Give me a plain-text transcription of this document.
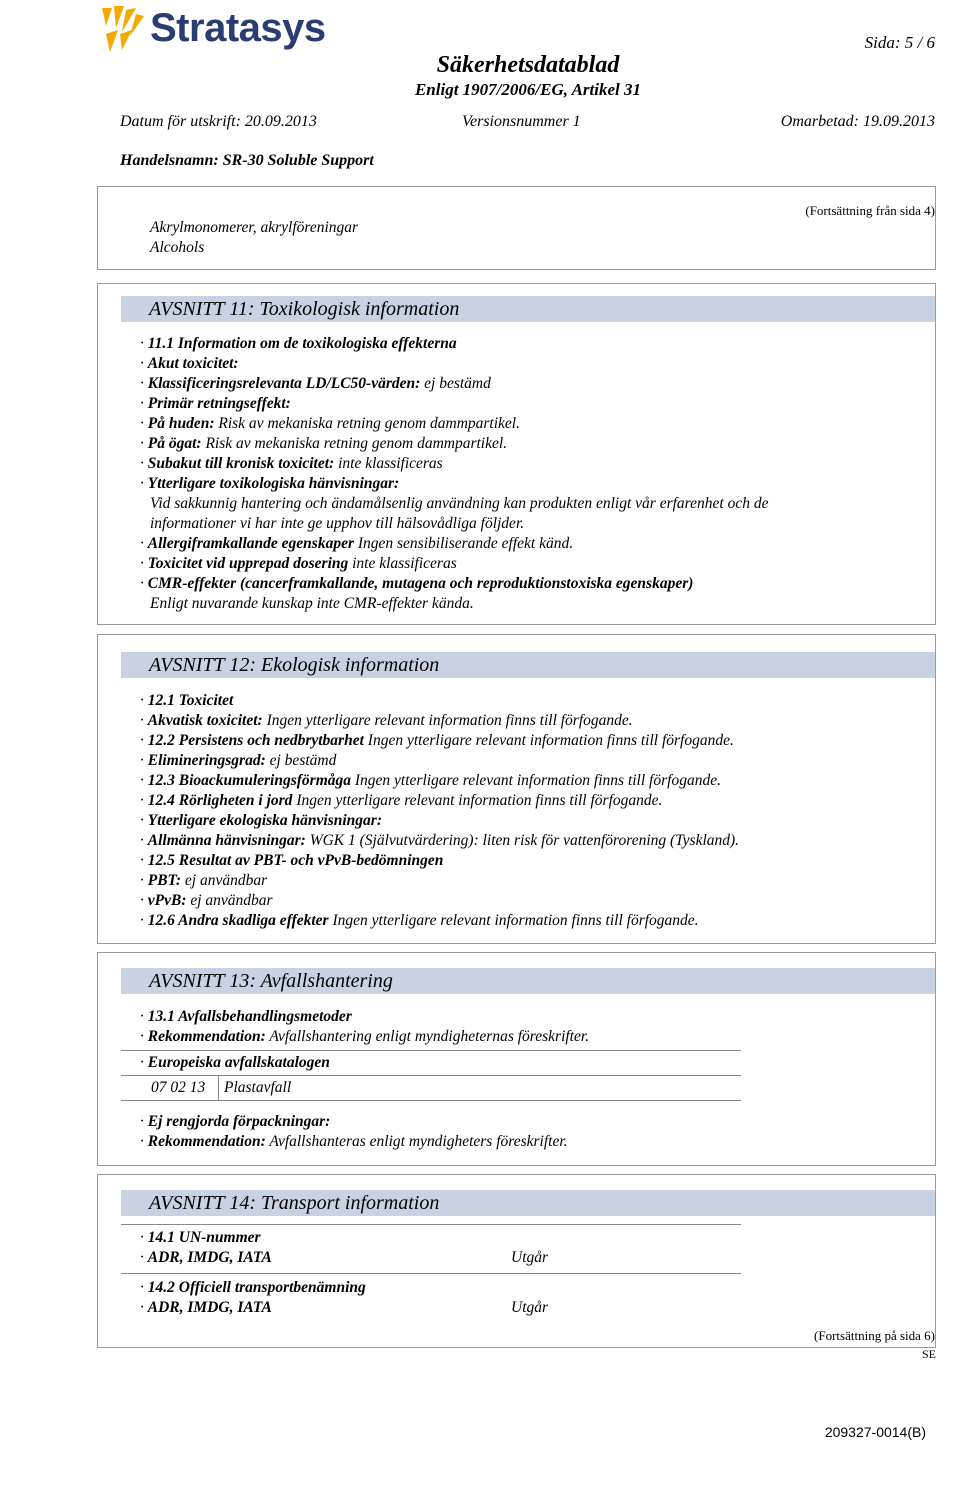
Stratasys	Sida: 5 / 6
Säkerhetsdatablad
Enligt 1907/2006/EG, Artikel 31
Datum för utskrift: 20.09.2013	Versionsnummer 1	Omarbetad: 19.09.2013
Handelsnamn: SR-30 Soluble Support
(Fortsättning från sida 4)
Akrylmonomerer, akrylföreningar
Alcohols
AVSNITT 11: Toxikologisk information
· 11.1 Information om de toxikologiska effekterna
· Akut toxicitet:
· Klassificeringsrelevanta LD/LC50-värden: ej bestämd
· Primär retningseffekt:
· På huden: Risk av mekaniska retning genom dammpartikel.
· På ögat: Risk av mekaniska retning genom dammpartikel.
· Subakut till kronisk toxicitet: inte klassificeras
· Ytterligare toxikologiska hänvisningar:
Vid sakkunnig hantering och ändamålsenlig användning kan produkten enligt vår erfarenhet och de
informationer vi har inte ge upphov till hälsovådliga följder.
· Allergiframkallande egenskaper Ingen sensibiliserande effekt känd.
· Toxicitet vid upprepad dosering inte klassificeras
· CMR-effekter (cancerframkallande, mutagena och reproduktionstoxiska egenskaper)
Enligt nuvarande kunskap inte CMR-effekter kända.
AVSNITT 12: Ekologisk information
· 12.1 Toxicitet
· Akvatisk toxicitet: Ingen ytterligare relevant information finns till förfogande.
· 12.2 Persistens och nedbrytbarhet Ingen ytterligare relevant information finns till förfogande.
· Elimineringsgrad: ej bestämd
· 12.3 Bioackumuleringsförmåga Ingen ytterligare relevant information finns till förfogande.
· 12.4 Rörligheten i jord Ingen ytterligare relevant information finns till förfogande.
· Ytterligare ekologiska hänvisningar:
· Allmänna hänvisningar: WGK 1 (Självutvärdering): liten risk för vattenförorening (Tyskland).
· 12.5 Resultat av PBT- och vPvB-bedömningen
· PBT: ej användbar
· vPvB: ej användbar
· 12.6 Andra skadliga effekter Ingen ytterligare relevant information finns till förfogande.
AVSNITT 13: Avfallshantering
· 13.1 Avfallsbehandlingsmetoder
· Rekommendation: Avfallshantering enligt myndigheternas föreskrifter.
· Europeiska avfallskatalogen
07 02 13 Plastavfall
· Ej rengjorda förpackningar:
· Rekommendation: Avfallshanteras enligt myndigheters föreskrifter.
AVSNITT 14: Transport information
· 14.1 UN-nummer
· ADR, IMDG, IATA	Utgår
· 14.2 Officiell transportbenämning
· ADR, IMDG, IATA	Utgår
(Fortsättning på sida 6)
SE
209327-0014(B)
